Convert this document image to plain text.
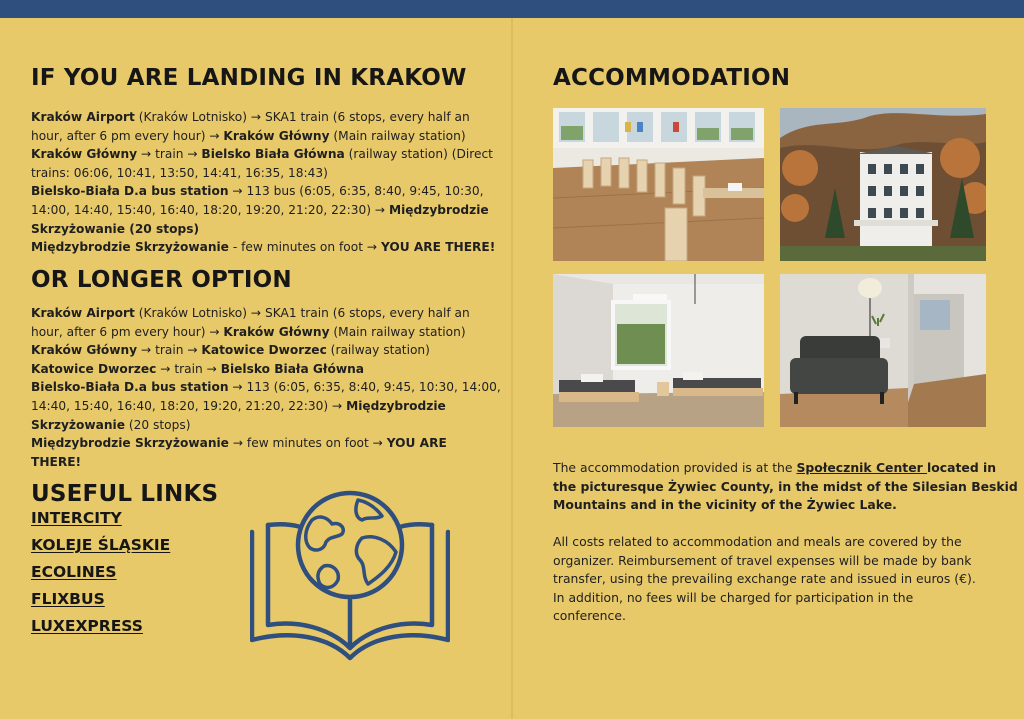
IF YOU ARE LANDING IN KRAKOW
Kraków Airport (Kraków Lotnisko) → SKA1 train (6 stops, every half an
hour, after 6 pm every hour) → Kraków Główny (Main railway station)
Kraków Główny → train → Bielsko Biała Główna (railway station) (Direct
trains: 06:06, 10:41, 13:50, 14:41, 16:35, 18:43)
Bielsko-Biała D.a bus station → 113 bus (6:05, 6:35, 8:40, 9:45, 10:30,
14:00, 14:40, 15:40, 16:40, 18:20, 19:20, 21:20, 22:30) → Międzybrodzie
Skrzyżowanie (20 stops)
Międzybrodzie Skrzyżowanie - few minutes on foot → YOU ARE THERE!
OR LONGER OPTION
Kraków Airport (Kraków Lotnisko) → SKA1 train (6 stops, every half an
hour, after 6 pm every hour) → Kraków Główny (Main railway station)
Kraków Główny → train → Katowice Dworzec (railway station)
Katowice Dworzec → train → Bielsko Biała Główna
Bielsko-Biała D.a bus station → 113 (6:05, 6:35, 8:40, 9:45, 10:30, 14:00,
14:40, 15:40, 16:40, 18:20, 19:20, 21:20, 22:30) → Międzybrodzie
Skrzyżowanie (20 stops)
Międzybrodzie Skrzyżowanie → few minutes on foot → YOU ARE
THERE!
USEFUL LINKS
INTERCITY
KOLEJE ŚLĄSKIE
ECOLINES
FLIXBUS
LUXEXPRESS
ACCOMMODATION
The accommodation provided is at the Społecznik Center located in
the picturesque Żywiec County, in the midst of the Silesian Beskid
Mountains and in the vicinity of the Żywiec Lake.
All costs related to accommodation and meals are covered by the
organizer. Reimbursement of travel expenses will be made by bank
transfer, using the prevailing exchange rate and issued in euros (€).
In addition, no fees will be charged for participation in the
conference.
